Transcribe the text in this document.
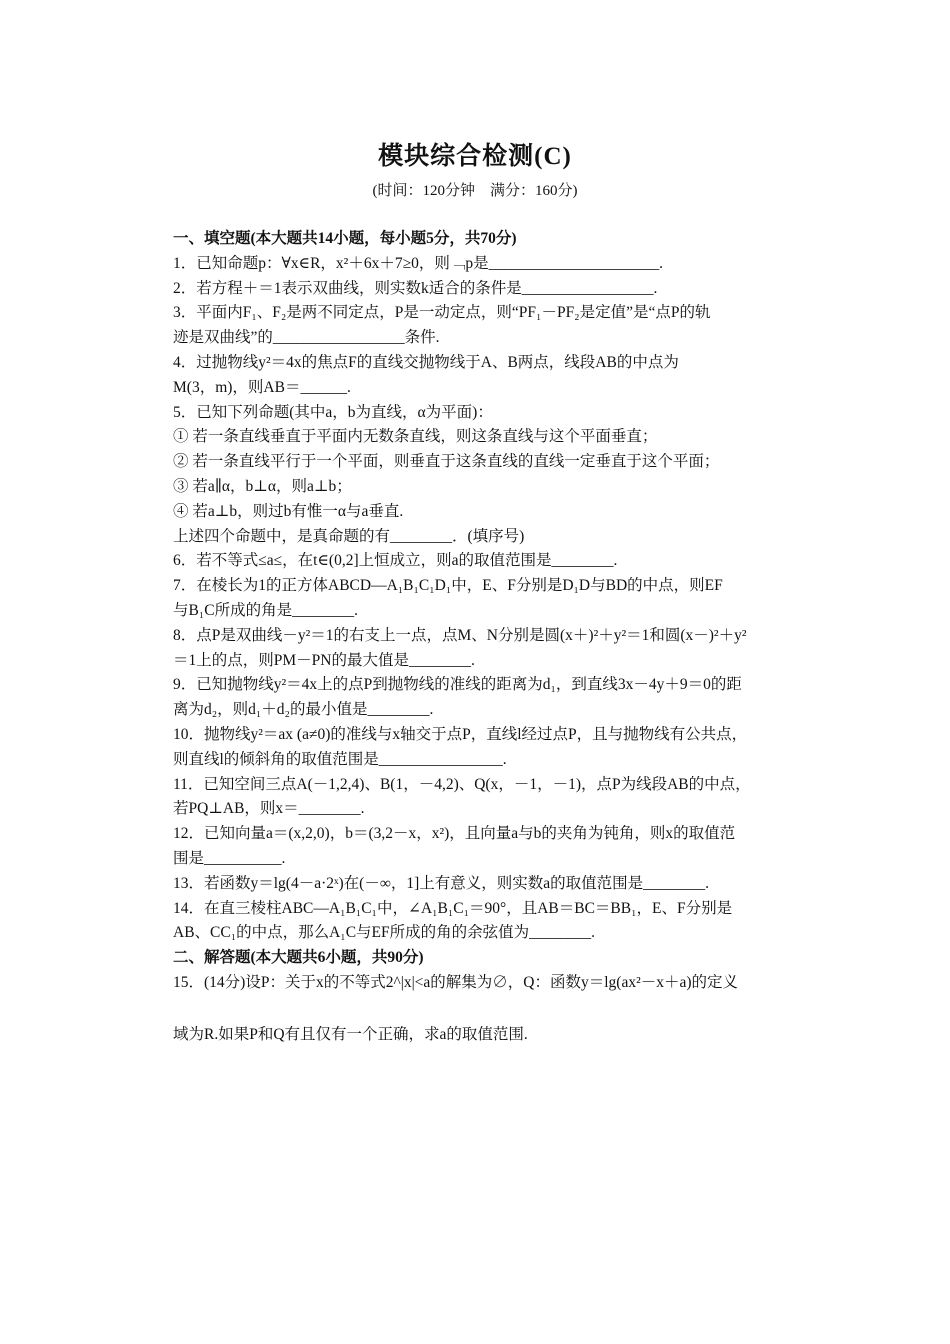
模块综合检测(C)
(时间：120分钟　满分：160分)
一、填空题(本大题共14小题，每小题5分，共70分)
1．已知命题p：∀x∈R，x²＋6x＋7≥0，则﹁p是______________________.
2．若方程＋＝1表示双曲线，则实数k适合的条件是_________________.
3．平面内F₁、F₂是两不同定点，P是一动定点，则“PF₁－PF₂是定值”是“点P的轨
迹是双曲线”的_________________条件.
4．过抛物线y²＝4x的焦点F的直线交抛物线于A、B两点，线段AB的中点为
M(3，m)，则AB＝______.
5．已知下列命题(其中a，b为直线，α为平面)：
① 若一条直线垂直于平面内无数条直线，则这条直线与这个平面垂直；
② 若一条直线平行于一个平面，则垂直于这条直线的直线一定垂直于这个平面；
③ 若a∥α，b⊥α，则a⊥b；
④ 若a⊥b，则过b有惟一α与a垂直.
上述四个命题中，是真命题的有________．(填序号)
6．若不等式≤a≤，在t∈(0,2]上恒成立，则a的取值范围是________.
7．在棱长为1的正方体ABCD—A₁B₁C₁D₁中，E、F分别是D₁D与BD的中点，则EF
与B₁C所成的角是________.
8．点P是双曲线－y²＝1的右支上一点，点M、N分别是圆(x＋)²＋y²＝1和圆(x－)²＋y²
＝1上的点，则PM－PN的最大值是________.
9．已知抛物线y²＝4x上的点P到抛物线的准线的距离为d₁，到直线3x－4y＋9＝0的距
离为d₂，则d₁＋d₂的最小值是________.
10．抛物线y²＝ax (a≠0)的准线与x轴交于点P，直线l经过点P，且与抛物线有公共点，
则直线l的倾斜角的取值范围是________________.
11．已知空间三点A(－1,2,4)、B(1，－4,2)、Q(x，－1，－1)，点P为线段AB的中点，
若PQ⊥AB，则x＝________.
12．已知向量a＝(x,2,0)，b＝(3,2－x，x²)，且向量a与b的夹角为钝角，则x的取值范
围是__________.
13．若函数y＝lg(4－a·2ˣ)在(－∞，1]上有意义，则实数a的取值范围是________.
14．在直三棱柱ABC—A₁B₁C₁中，∠A₁B₁C₁＝90°，且AB＝BC＝BB₁，E、F分别是
AB、CC₁的中点，那么A₁C与EF所成的角的余弦值为________.
二、解答题(本大题共6小题，共90分)
15．(14分)设P：关于x的不等式2^|x|<a的解集为∅，Q：函数y＝lg(ax²－x＋a)的定义
域为R.如果P和Q有且仅有一个正确，求a的取值范围.
